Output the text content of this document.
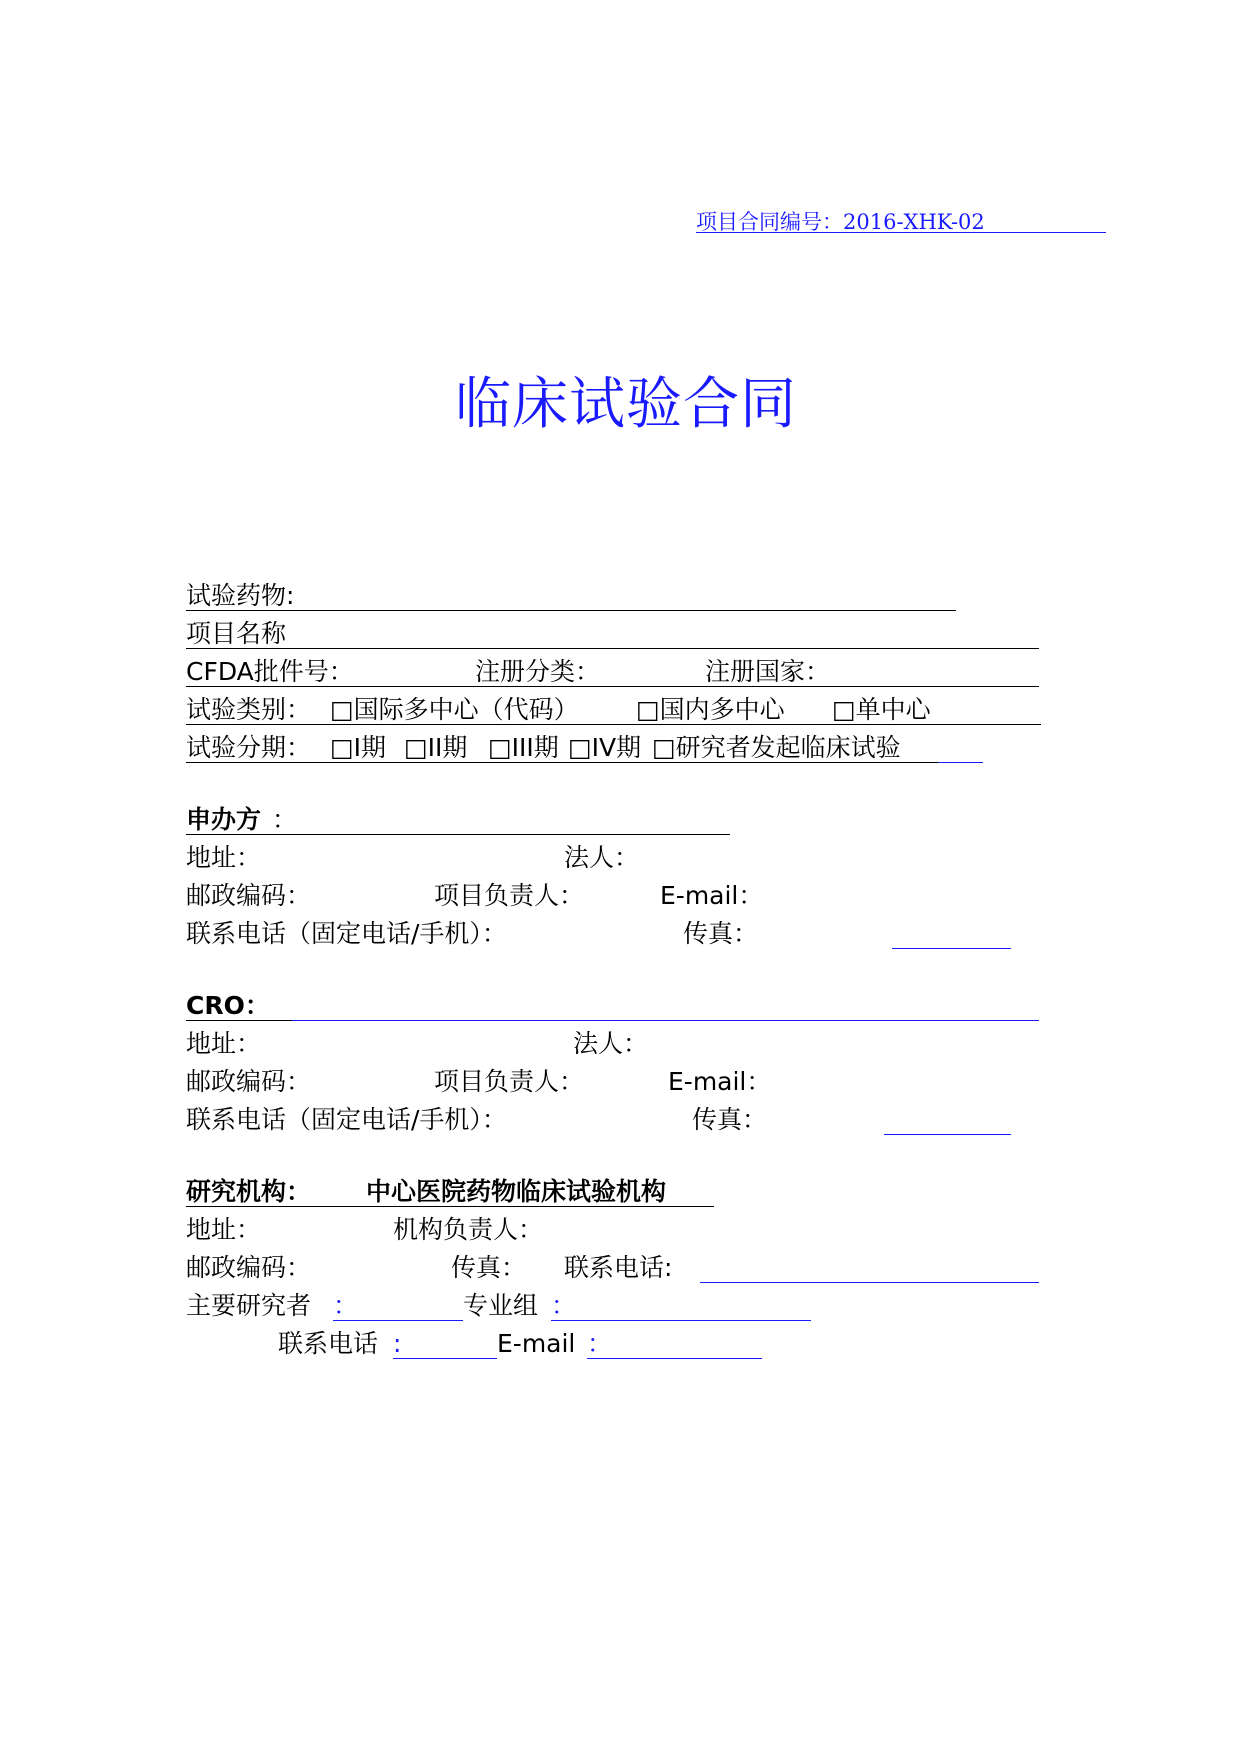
项目合同编号：2016-XHK-02
临床试验合同
试验药物:
项目名称
CFDA批件号：	注册分类：	注册国家：
试验类别： □国际多中心（代码） □国内多中心 □单中心
试验分期： □I期 □II期 □III期 □IV期 □研究者发起临床试验
申办方 ：
地址：	法人：
邮政编码：	项目负责人：	E-mail：
联系电话（固定电话/手机）：	传真：
CRO：
地址：	法人：
邮政编码：	项目负责人：	E-mail：
联系电话（固定电话/手机）：	传真：
研究机构： 中心医院药物临床试验机构
地址：	机构负责人：
邮政编码：	传真： 联系电话:
主要研究者 ：	专业组 ：
联系电话 :	E-mail ：
